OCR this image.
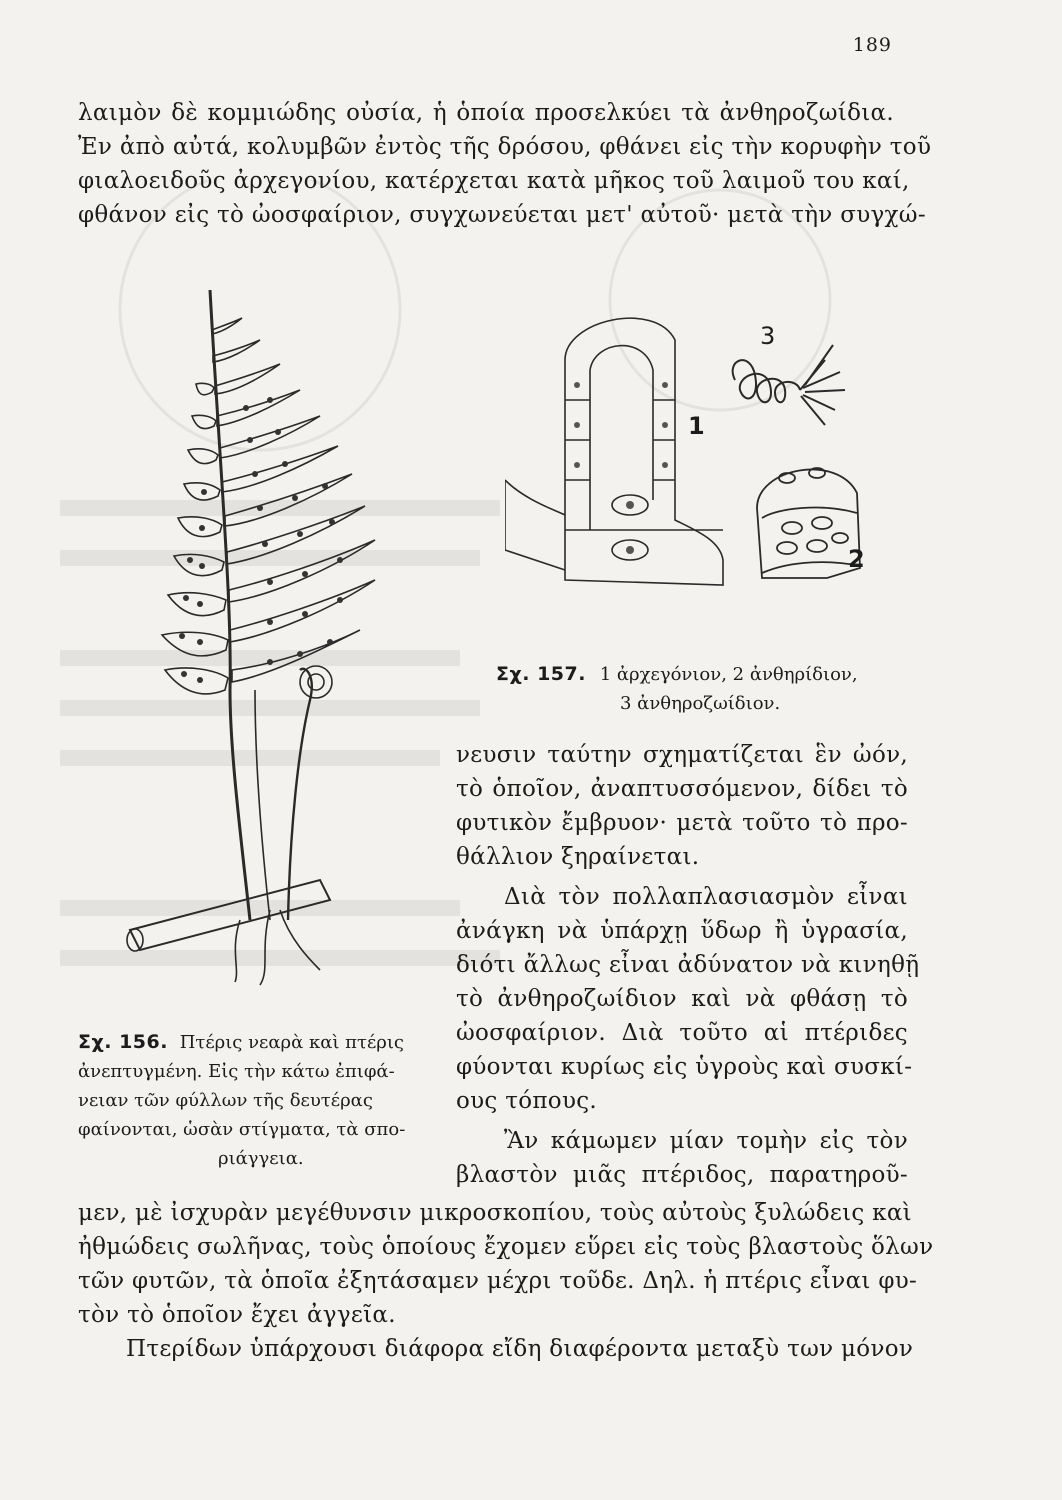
189
λαιμὸν δὲ κομμιώδης οὐσία, ἡ ὁποία προσελκύει τὰ ἀνθηροζωίδια.
Ἐν ἀπὸ αὐτά, κολυμβῶν ἐντὸς τῆς δρόσου, φθάνει εἰς τὴν κορυφὴν τοῦ
φιαλοειδοῦς ἀρχεγονίου, κατέρχεται κατὰ μῆκος τοῦ λαιμοῦ του καί,
φθάνον εἰς τὸ ὠοσφαίριον, συγχωνεύεται μετ' αὐτοῦ· μετὰ τὴν συγχώ-
1
3
2
Σχ. 157. 1 ἀρχεγόνιον, 2 ἀνθηρίδιον,
3 ἀνθηροζωίδιον.
νευσιν ταύτην σχηματίζεται ἓν ὠόν,
τὸ ὁποῖον, ἀναπτυσσόμενον, δίδει τὸ
φυτικὸν ἔμβρυον· μετὰ τοῦτο τὸ προ-
θάλλιον ξηραίνεται.
Διὰ τὸν πολλαπλασιασμὸν εἶναι
ἀνάγκη νὰ ὑπάρχῃ ὕδωρ ἢ ὑγρασία,
διότι ἄλλως εἶναι ἀδύνατον νὰ κινηθῇ
τὸ ἀνθηροζωίδιον καὶ νὰ φθάσῃ τὸ
ὠοσφαίριον. Διὰ τοῦτο αἱ πτέριδες
φύονται κυρίως εἰς ὑγροὺς καὶ συσκί-
ους τόπους.
Ἂν κάμωμεν μίαν τομὴν εἰς τὸν
βλαστὸν μιᾶς πτέριδος, παρατηροῦ-
Σχ. 156. Πτέρις νεαρὰ καὶ πτέρις
ἀνεπτυγμένη. Εἰς τὴν κάτω ἐπιφά-
νειαν τῶν φύλλων τῆς δευτέρας
φαίνονται, ὡσὰν στίγματα, τὰ σπο-
ριάγγεια.
μεν, μὲ ἰσχυρὰν μεγέθυνσιν μικροσκοπίου, τοὺς αὐτοὺς ξυλώδεις καὶ
ἠθμώδεις σωλῆνας, τοὺς ὁποίους ἔχομεν εὕρει εἰς τοὺς βλαστοὺς ὅλων
τῶν φυτῶν, τὰ ὁποῖα ἐξητάσαμεν μέχρι τοῦδε. Δηλ. ἡ πτέρις εἶναι φυ-
τὸν τὸ ὁποῖον ἔχει ἀγγεῖα.
Πτερίδων ὑπάρχουσι διάφορα εἴδη διαφέροντα μεταξὺ των μόνον
